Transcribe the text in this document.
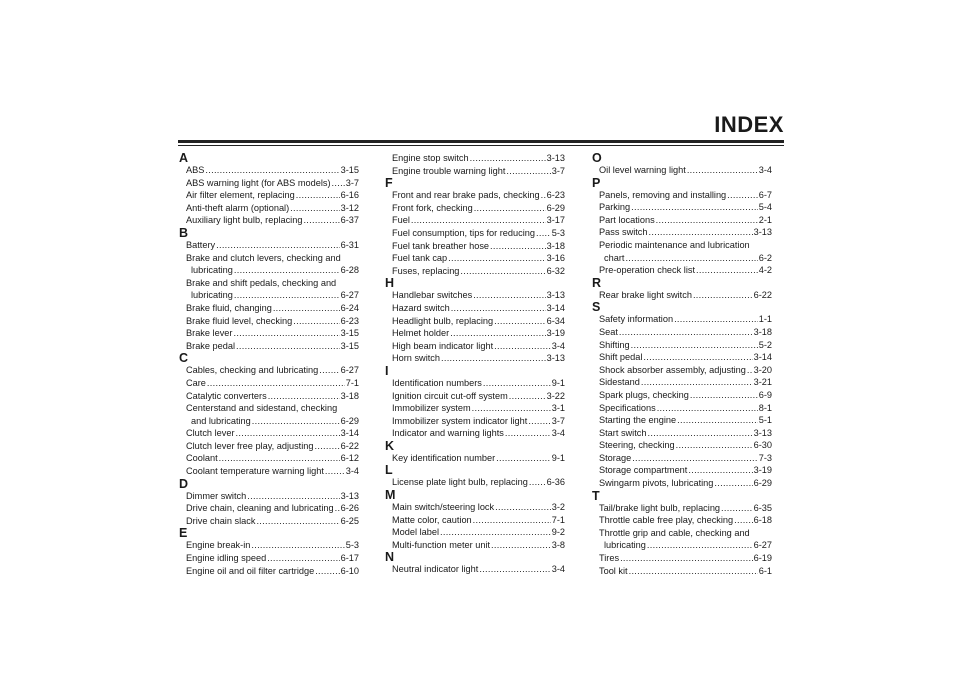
INDEX
A
ABS .....	3-15
ABS warning light (for ABS models) ..... 3-7
Air filter element, replacing .....	6-16
Anti-theft alarm (optional) .....	3-12
Auxiliary light bulb, replacing .....	6-37
B
Battery .....	6-31
Brake and clutch levers, checking and
lubricating .....	6-28
Brake and shift pedals, checking and
lubricating .....	6-27
Brake fluid, changing .....	6-24
Brake fluid level, checking .....	6-23
Brake lever .....	3-15
Brake pedal .....	3-15
C
Cables, checking and lubricating ..... 6-27
Care .....	7-1
Catalytic converters .....	3-18
Centerstand and sidestand, checking
and lubricating .....	6-29
Clutch lever .....	3-14
Clutch lever free play, adjusting .....	6-22
Coolant .....	6-12
Coolant temperature warning light ..... 3-4
D
Dimmer switch .....	3-13
Drive chain, cleaning and lubricating ..... 6-26
Drive chain slack .....	6-25
E
Engine break-in .....	5-3
Engine idling speed .....	6-17
Engine oil and oil filter cartridge .....	6-10
Engine stop switch .....	3-13
Engine trouble warning light .....	3-7
F
Front and rear brake pads, checking ..... 6-23
Front fork, checking .....	6-29
Fuel .....	3-17
Fuel consumption, tips for reducing ..... 5-3
Fuel tank breather hose .....	3-18
Fuel tank cap .....	3-16
Fuses, replacing .....	6-32
H
Handlebar switches .....	3-13
Hazard switch .....	3-14
Headlight bulb, replacing .....	6-34
Helmet holder .....	3-19
High beam indicator light .....	3-4
Horn switch .....	3-13
I
Identification numbers .....	9-1
Ignition circuit cut-off system .....	3-22
Immobilizer system .....	3-1
Immobilizer system indicator light .....	3-7
Indicator and warning lights .....	3-4
K
Key identification number .....	9-1
L
License plate light bulb, replacing ..... 6-36
M
Main switch/steering lock .....	3-2
Matte color, caution .....	7-1
Model label .....	9-2
Multi-function meter unit .....	3-8
N
Neutral indicator light .....	3-4
O
Oil level warning light .....	3-4
P
Panels, removing and installing .....	6-7
Parking .....	5-4
Part locations .....	2-1
Pass switch .....	3-13
Periodic maintenance and lubrication
chart .....	6-2
Pre-operation check list .....	4-2
R
Rear brake light switch .....	6-22
S
Safety information .....	1-1
Seat .....	3-18
Shifting .....	5-2
Shift pedal .....	3-14
Shock absorber assembly, adjusting ..... 3-20
Sidestand .....	3-21
Spark plugs, checking .....	6-9
Specifications .....	8-1
Starting the engine .....	5-1
Start switch .....	3-13
Steering, checking .....	6-30
Storage .....	7-3
Storage compartment .....	3-19
Swingarm pivots, lubricating .....	6-29
T
Tail/brake light bulb, replacing .....	6-35
Throttle cable free play, checking ..... 6-18
Throttle grip and cable, checking and
lubricating .....	6-27
Tires .....	6-19
Tool kit .....	6-1
